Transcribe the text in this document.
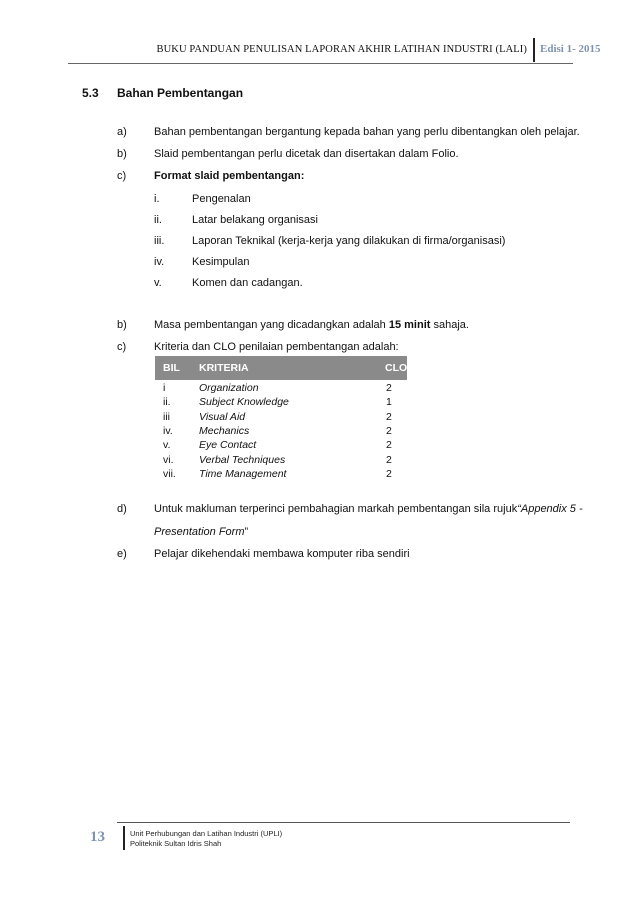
BUKU PANDUAN PENULISAN LAPORAN AKHIR LATIHAN INDUSTRI (LALI) Edisi 1- 2015
5.3 Bahan Pembentangan
a) Bahan pembentangan bergantung kepada bahan yang perlu dibentangkan oleh pelajar.
b) Slaid pembentangan perlu dicetak dan disertakan dalam Folio.
c)	Format slaid pembentangan:
i.	Pengenalan
ii.	Latar belakang organisasi
iii.	Laporan Teknikal (kerja-kerja yang dilakukan di firma/organisasi)
iv.	Kesimpulan
v.	Komen dan cadangan.
b) Masa pembentangan yang dicadangkan adalah 15 minit sahaja.
c)	Kriteria dan CLO penilaian pembentangan adalah:
BIL KRITERIA	CLO
i	Organization	2
ii.	Subject Knowledge	1
iii	Visual Aid	2
iv.	Mechanics	2
v.	Eye Contact	2
vi. Verbal Techniques	2
vii. Time Management	2
d) Untuk makluman terperinci pembahagian markah pembentangan sila rujuk“Appendix 5 -
Presentation Form”
e) Pelajar dikehendaki membawa komputer riba sendiri
13	Unit Perhubungan dan Latihan Industri (UPLI)
Politeknik Sultan Idris Shah
